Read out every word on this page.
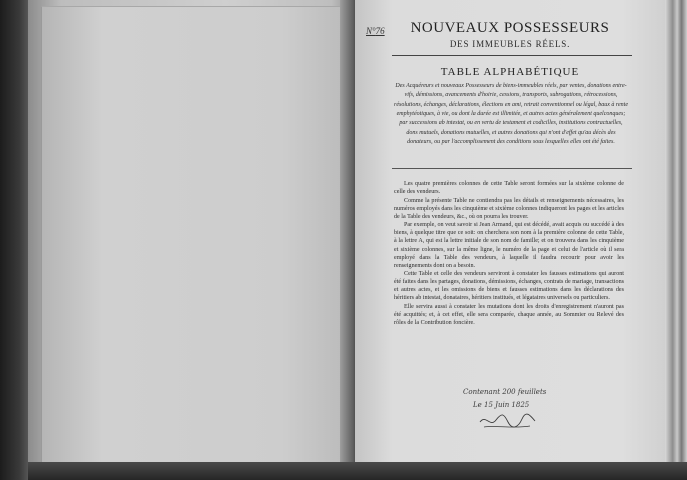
N°76	NOUVEAUX POSSESSEURS
DES IMMEUBLES RÉELS.
TABLE ALPHABÉTIQUE
Des Acquéreurs et nouveaux Possesseurs de biens-immeubles réels, par ventes, donations entre-vifs, démissions, avancements d'hoirie, cessions, transports, subrogations, rétrocessions, résolutions, échanges, déclarations, élections en ami, retrait conventionnel ou légal, baux à rente emphytéotiques, à vie, ou dont la durée est illimitée, et autres actes généralement quelconques; par successions ab intestat, ou en vertu de testament et codicilles, institutions contractuelles, dons mutuels, donations mutuelles, et autres donations qui n'ont d'effet qu'au décès des donateurs, ou par l'accomplissement des conditions sous lesquelles elles ont été faites.

Les quatre premières colonnes de cette Table seront formées sur la sixième colonne de celle des vendeurs.

Comme la présente Table ne contiendra pas les détails et renseignements nécessaires, les numéros employés dans les cinquième et sixième colonnes indiqueront les pages et les articles de la Table des vendeurs, &c., où on pourra les trouver.

Par exemple, on veut savoir si Jean Armand, qui est décédé, avait acquis ou succédé à des biens, à quelque titre que ce soit: on cherchera son nom à la première colonne de cette Table, à la lettre A, qui est la lettre initiale de son nom de famille; et on trouvera dans les cinquième et sixième colonnes, sur la même ligne, le numéro de la page et celui de l'article où il sera employé dans la Table des vendeurs, à laquelle il faudra recourir pour avoir les renseignements dont on a besoin.

Cette Table et celle des vendeurs serviront à constater les fausses estimations qui auront été faites dans les partages, donations, démissions, échanges, contrats de mariage, transactions et autres actes, et les omissions de biens et fausses estimations dans les déclarations des héritiers ab intestat, donataires, héritiers institués, et légataires universels ou particuliers.

Elle servira aussi à constater les mutations dont les droits d'enregistrement n'auront pas été acquittés; et, à cet effet, elle sera comparée, chaque année, au Sommier ou Relevé des rôles de la Contribution foncière.

Contenant 200 feuillets
Le 15 Juin 1825
